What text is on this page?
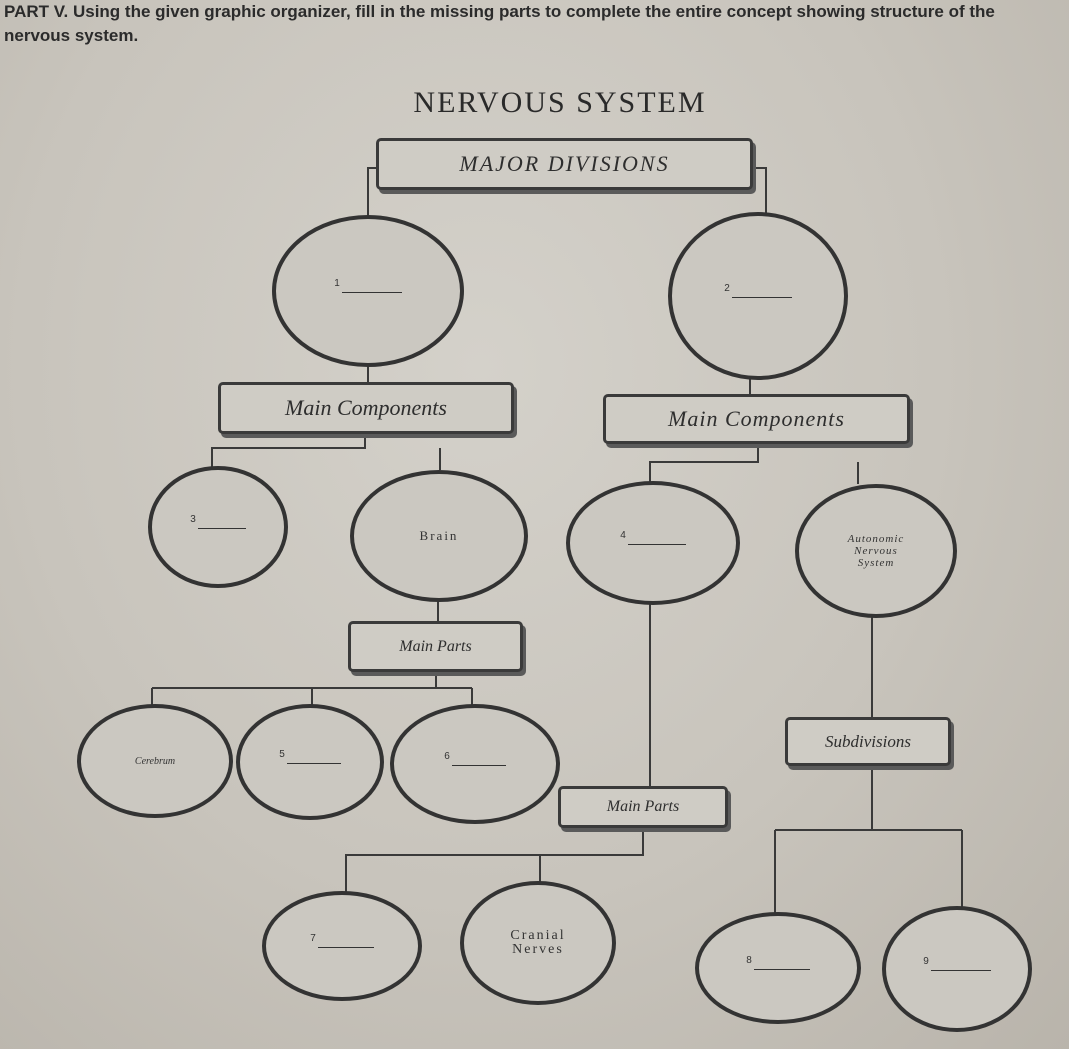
PART V. Using the given graphic organizer, fill in the missing parts to complete the entire concept showing structure of the nervous system.

NERVOUS SYSTEM
MAJOR DIVISIONS
1	2
Main Components	Main Components
3
Brain	4	Autonomic Nervous System
Main Parts
Subdivisions
Cerebrum
5	6
Main Parts
7	Cranial Nerves
8	9
